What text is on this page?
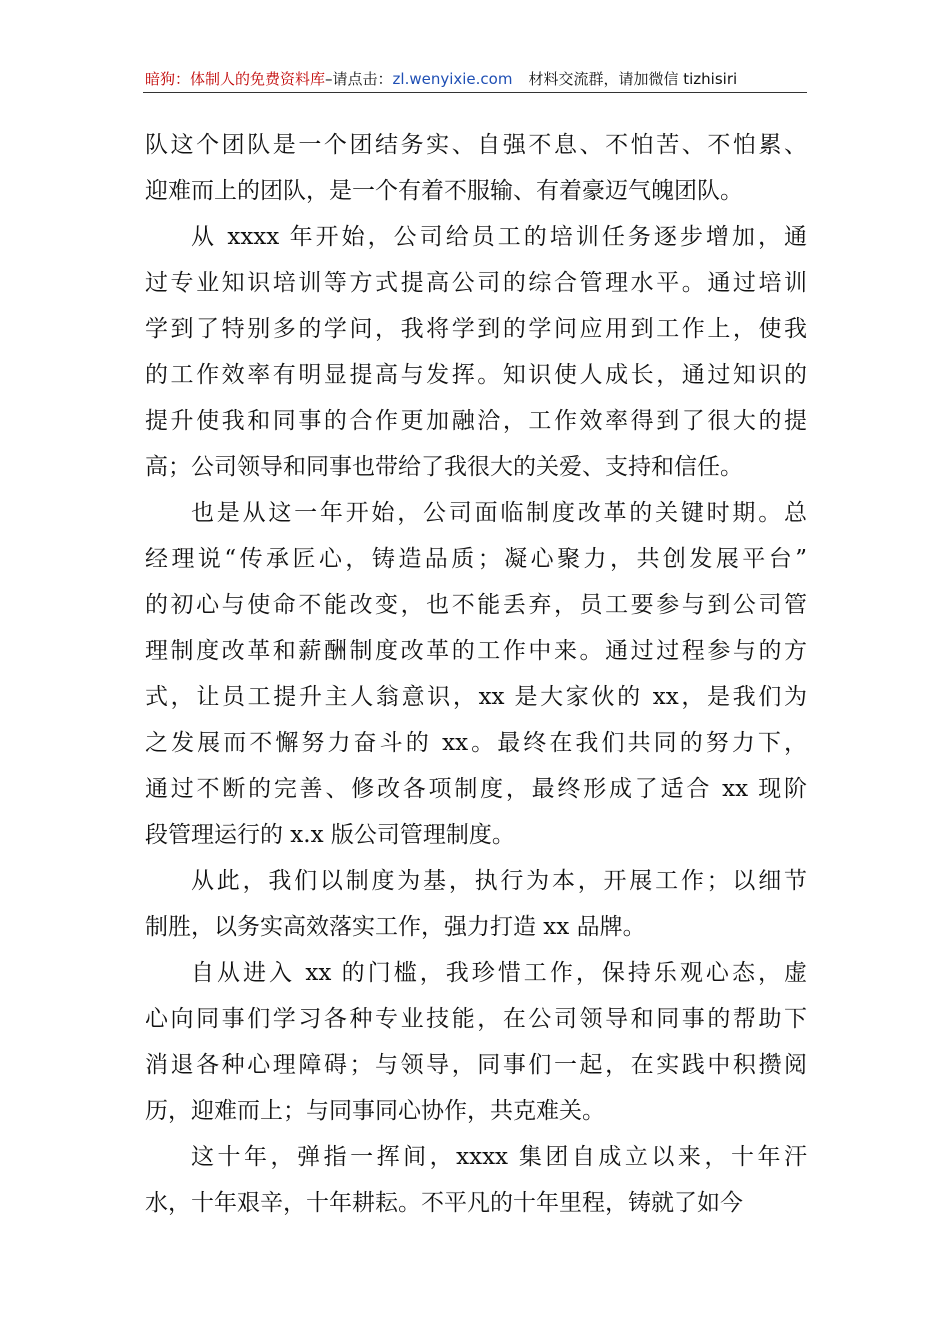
暗狗：体制人的免费资料库–请点击：zl.wenyixie.com 材料交流群，请加微信 tizhisiri
队这个团队是一个团结务实、自强不息、不怕苦、不怕累、
迎难而上的团队，是一个有着不服输、有着豪迈气魄团队。
从 xxxx 年开始，公司给员工的培训任务逐步增加，通
过专业知识培训等方式提高公司的综合管理水平。通过培训
学到了特别多的学问，我将学到的学问应用到工作上，使我
的工作效率有明显提高与发挥。知识使人成长，通过知识的
提升使我和同事的合作更加融洽，工作效率得到了很大的提
高；公司领导和同事也带给了我很大的关爱、支持和信任。
也是从这一年开始，公司面临制度改革的关键时期。总
经理说“传承匠心，铸造品质；凝心聚力，共创发展平台”
的初心与使命不能改变，也不能丢弃，员工要参与到公司管
理制度改革和薪酬制度改革的工作中来。通过过程参与的方
式，让员工提升主人翁意识，xx 是大家伙的 xx，是我们为
之发展而不懈努力奋斗的 xx。最终在我们共同的努力下，
通过不断的完善、修改各项制度，最终形成了适合 xx 现阶
段管理运行的 x.x 版公司管理制度。
从此，我们以制度为基，执行为本，开展工作；以细节
制胜，以务实高效落实工作，强力打造 xx 品牌。
自从进入 xx 的门槛，我珍惜工作，保持乐观心态，虚
心向同事们学习各种专业技能，在公司领导和同事的帮助下
消退各种心理障碍；与领导，同事们一起，在实践中积攒阅
历，迎难而上；与同事同心协作，共克难关。
这十年，弹指一挥间，xxxx 集团自成立以来，十年汗
水，十年艰辛，十年耕耘。不平凡的十年里程，铸就了如今
